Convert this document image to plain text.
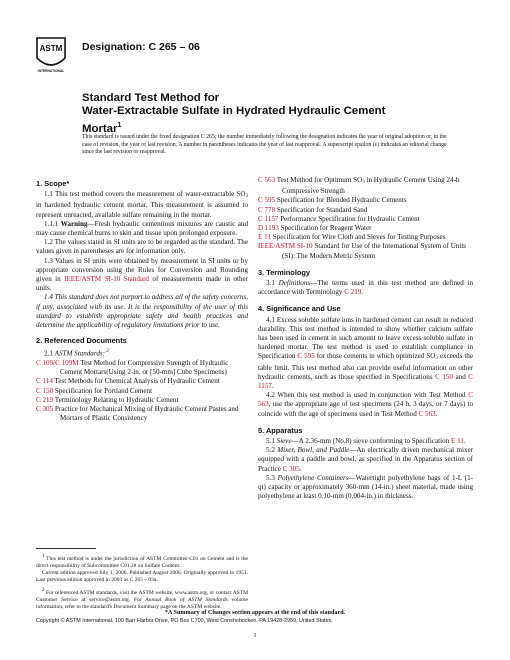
ASTM
INTERNATIONAL
Designation: C 265 – 06
Standard Test Method for
Water-Extractable Sulfate in Hydrated Hydraulic Cement
Mortar$^1$
This standard is issued under the fixed designation C 265; the number immediately following the designation indicates the year of original adoption or, in the case of revision, the year of last revision. A number in parentheses indicates the year of last reapproval. A superscript epsilon (ε) indicates an editorial change since the last revision or reapproval.

1. Scope*

1.1 This test method covers the measurement of water-extractable $SO_3$ in hardened hydraulic cement mortar. This measurement is assumed to represent unreacted, available sulfate remaining in the mortar.

1.1.1 Warning—Fresh hydraulic cementious mixtures are caustic and may cause chemical burns to skin and tissue upon prolonged exposure.

1.2 The values stated in SI units are to be regarded as the standard. The values given in parentheses are for information only.

1.3 Values in SI units were obtained by measurement in SI units or by appropriate conversion using the Rules for Conversion and Rounding given in IEEE/ASTM SI-10 Standard of measurements made in other units.

1.4 This standard does not purport to address all of the safety concerns, if any, associated with its use. It is the responsibility of the user of this standard to establish appropriate safety and health practices and determine the applicability of regulatory limitations prior to use.

2. Referenced Documents

2.1 ASTM Standards: $^2$

C 109/C 109M Test Method for Compressive Strength of Hydraulic Cement Mortars(Using 2-in. or [50-mm] Cube Specimens)

C 114 Test Methods for Chemical Analysis of Hydraulic Cement

C 150 Specification for Portland Cement

C 219 Terminology Relating to Hydraulic Cement

C 305 Practice for Mechanical Mixing of Hydraulic Cement Pastes and Mortars of Plastic Consistency

$^1$ This test method is under the jurisdiction of ASTM Committee C01 on Cement and is the direct responsibility of Subcommittee C01.28 on Sulfate Content.

Current edition approved July 1, 2006. Published August 2006. Originally approved in 1951. Last previous edition approved in 2003 as C 265 – 03a.

$^2$ For referenced ASTM standards, visit the ASTM website, www.astm.org, or contact ASTM Customer Service at service@astm.org. For Annual Book of ASTM Standards volume information, refer to the standard's Document Summary page on the ASTM website.

C 563 Test Method for Optimum $SO_3$ in Hydraulic Cement Using 24-h Compressive Strength

C 595 Specification for Blended Hydraulic Cements

C 778 Specification for Standard Sand

C 1157 Performance Specification for Hydraulic Cement

D 1193 Specification for Reagent Water

E 11 Specification for Wire Cloth and Sieves for Testing Purposes

IEEE/ASTM SI-10 Standard for Use of the International System of Units (SI): The Modern Metric System

3. Terminology

3.1 Definitions—The terms used in this test method are defined in accordance with Terminology C 219.

4. Significance and Use

4.1 Excess soluble sulfate ions in hardened cement can result in reduced durability. This test method is intended to show whether calcium sulfate has been used in cement in such amount to leave excess soluble sulfate in hardened mortar. The test method is used to establish compliance in Specification C 595 for those cements in which optimized $SO_3$ exceeds the table limit. This test method also can provide useful information on other hydraulic cements, such as those specified in Specifications C 150 and C 1157.

4.2 When this test method is used in conjunction with Test Method C 563, use the appropriate age of test specimens (24 h, 3 days, or 7 days) to coincide with the age of specimens used in Test Method C 563.

5. Apparatus

5.1 Sieve—A 2.36-mm (No.8) sieve conforming to Specification E 11.

5.2 Mixer, Bowl, and Paddle—An electrically driven mechanical mixer equipped with a paddle and bowl, as specified in the Apparatus section of Practice C 305.

5.3 Polyethylene Containers—Watertight polyethylene bags of 1-L (1-qt) capacity or approximately 360-mm (14-in.) sheet material, made using polyethylene at least 0.10-mm (0.004-in.) in thickness.

*A Summary of Changes section appears at the end of this standard.
Copyright © ASTM International, 100 Barr Harbor Drive, PO Box C700, West Conshohocken, PA 19428-2959, United States.
1
